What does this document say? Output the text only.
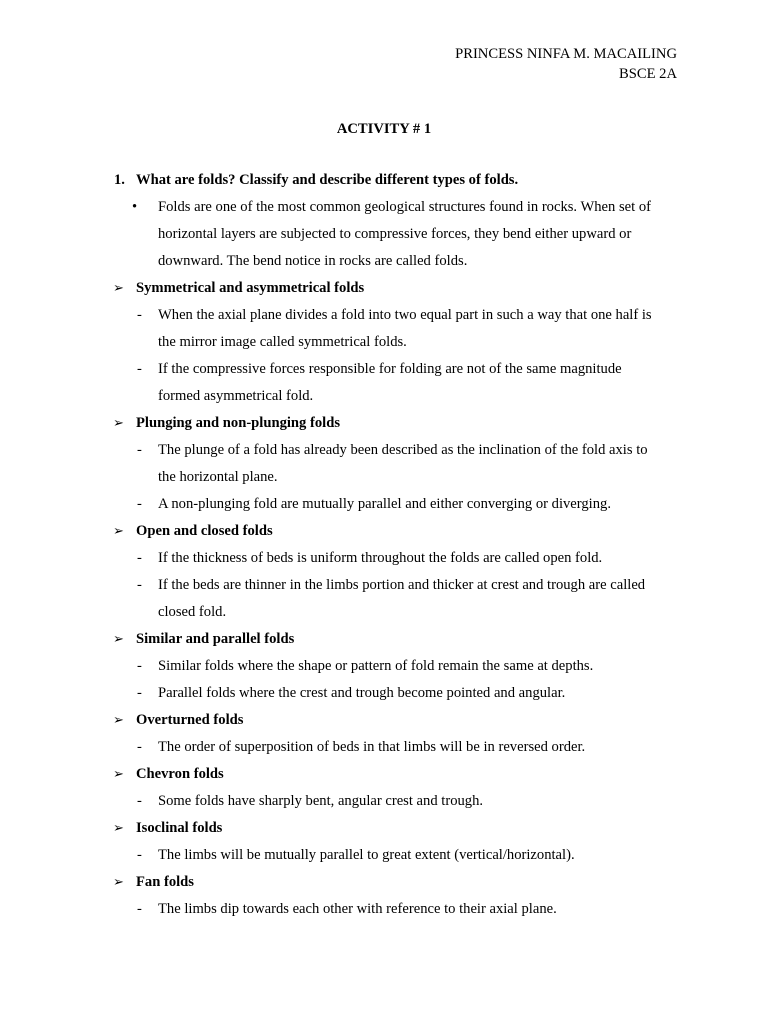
PRINCESS NINFA M. MACAILING
BSCE 2A
ACTIVITY # 1
1. What are folds? Classify and describe different types of folds.
• Folds are one of the most common geological structures found in rocks. When set of
horizontal layers are subjected to compressive forces, they bend either upward or
downward. The bend notice in rocks are called folds.
➢ Symmetrical and asymmetrical folds
- When the axial plane divides a fold into two equal part in such a way that one half is
the mirror image called symmetrical folds.
- If the compressive forces responsible for folding are not of the same magnitude
formed asymmetrical fold.
➢ Plunging and non-plunging folds
- The plunge of a fold has already been described as the inclination of the fold axis to
the horizontal plane.
- A non-plunging fold are mutually parallel and either converging or diverging.
➢ Open and closed folds
- If the thickness of beds is uniform throughout the folds are called open fold.
- If the beds are thinner in the limbs portion and thicker at crest and trough are called
closed fold.
➢ Similar and parallel folds
- Similar folds where the shape or pattern of fold remain the same at depths.
- Parallel folds where the crest and trough become pointed and angular.
➢ Overturned folds
- The order of superposition of beds in that limbs will be in reversed order.
➢ Chevron folds
- Some folds have sharply bent, angular crest and trough.
➢ Isoclinal folds
- The limbs will be mutually parallel to great extent (vertical/horizontal).
➢ Fan folds
- The limbs dip towards each other with reference to their axial plane.
